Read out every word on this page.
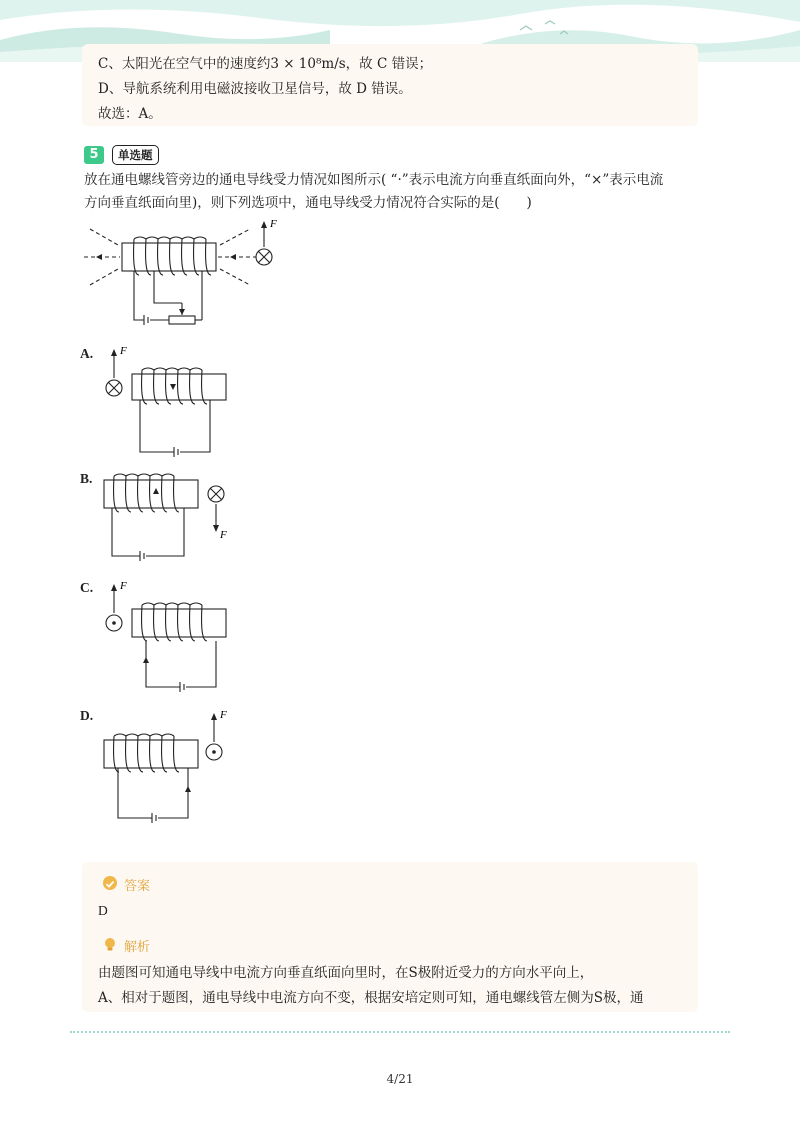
C、太阳光在空气中的速度约3 × 10⁸m/s，故 C 错误；
D、导航系统利用电磁波接收卫星信号，故 D 错误。
故选：A。
5	单选题
放在通电螺线管旁边的通电导线受力情况如图所示( “·”表示电流方向垂直纸面向外，“×”表示电流
方向垂直纸面向里)，则下列选项中，通电导线受力情况符合实际的是(　　)
F
A. F
B.
F
C. F
D.	F
答案
D
解析
由题图可知通电导线中电流方向垂直纸面向里时，在S极附近受力的方向水平向上，
A、相对于题图，通电导线中电流方向不变，根据安培定则可知，通电螺线管左侧为S极，通
4/21
